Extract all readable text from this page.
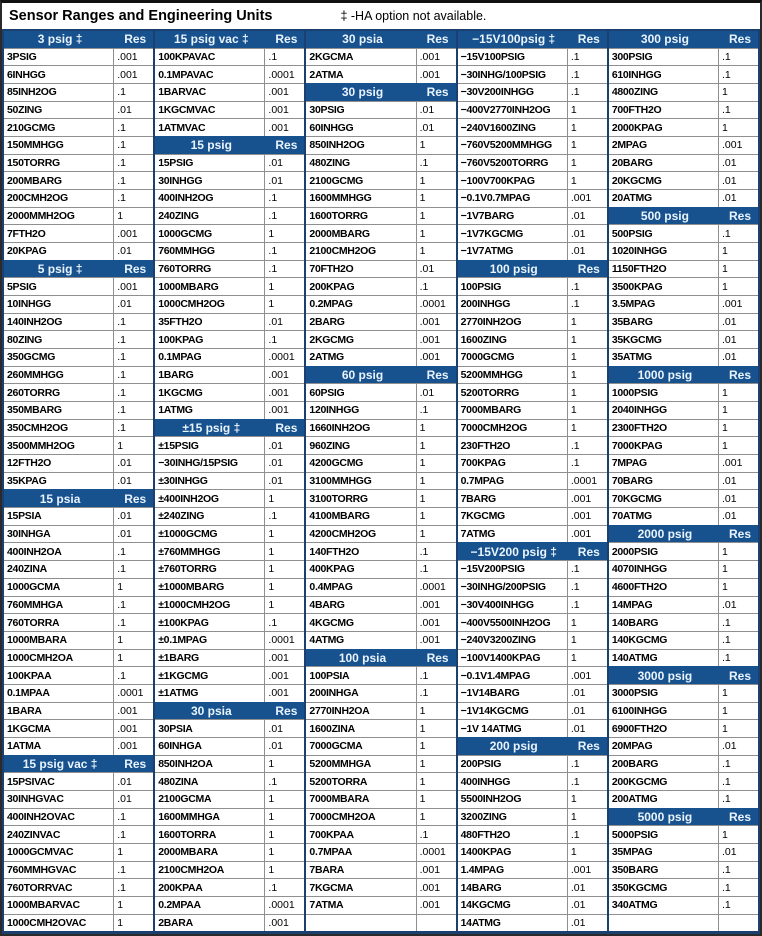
Sensor Ranges and Engineering Units	‡ -HA option not available.
3 psig ‡	Res
3PSIG	.001
6INHGG	.001
85INH2OG	.1
50ZING	.01
210GCMG	.1
150MMHGG	.1
150TORRG	.1
200MBARG	.1
200CMH2OG	.1
2000MMH2OG	1
7FTH2O	.001
20KPAG	.01
5 psig ‡	Res
5PSIG	.001
10INHGG	.01
140INH2OG	.1
80ZING	.1
350GCMG	.1
260MMHGG	.1
260TORRG	.1
350MBARG	.1
350CMH2OG	.1
3500MMH2OG	1
12FTH2O	.01
35KPAG	.01
15 psia	Res
15PSIA	.01
30INHGA	.01
400INH2OA	.1
240ZINA	.1
1000GCMA	1
760MMHGA	.1
760TORRA	.1
1000MBARA	1
1000CMH2OA	1
100KPAA	.1
0.1MPAA	.0001
1BARA	.001
1KGCMA	.001
1ATMA	.001
15 psig vac ‡	Res
15PSIVAC	.01
30INHGVAC	.01
400INH2OVAC	.1
240ZINVAC	.1
1000GCMVAC	1
760MMHGVAC	.1
760TORRVAC	.1
1000MBARVAC	1
1000CMH2OVAC	1
15 psig vac ‡	Res
100KPAVAC	.1
0.1MPAVAC	.0001
1BARVAC	.001
1KGCMVAC	.001
1ATMVAC	.001
15 psig	Res
15PSIG	.01
30INHGG	.01
400INH2OG	.1
240ZING	.1
1000GCMG	1
760MMHGG	.1
760TORRG	.1
1000MBARG	1
1000CMH2OG	1
35FTH2O	.01
100KPAG	.1
0.1MPAG	.0001
1BARG	.001
1KGCMG	.001
1ATMG	.001
±15 psig ‡	Res
±15PSIG	.01
−30INHG/15PSIG	.01
±30INHGG	.01
±400INH2OG	1
±240ZING	.1
±1000GCMG	1
±760MMHGG	1
±760TORRG	1
±1000MBARG	1
±1000CMH2OG	1
±100KPAG	.1
±0.1MPAG	.0001
±1BARG	.001
±1KGCMG	.001
±1ATMG	.001
30 psia	Res
30PSIA	.01
60INHGA	.01
850INH2OA	1
480ZINA	.1
2100GCMA	1
1600MMHGA	1
1600TORRA	1
2000MBARA	1
2100CMH2OA	1
200KPAA	.1
0.2MPAA	.0001
2BARA	.001
30 psia	Res
2KGCMA	.001
2ATMA	.001
30 psig	Res
30PSIG	.01
60INHGG	.01
850INH2OG	1
480ZING	.1
2100GCMG	1
1600MMHGG	1
1600TORRG	1
2000MBARG	1
2100CMH2OG	1
70FTH2O	.01
200KPAG	.1
0.2MPAG	.0001
2BARG	.001
2KGCMG	.001
2ATMG	.001
60 psig	Res
60PSIG	.01
120INHGG	.1
1660INH2OG	1
960ZING	1
4200GCMG	1
3100MMHGG	1
3100TORRG	1
4100MBARG	1
4200CMH2OG	1
140FTH2O	.1
400KPAG	.1
0.4MPAG	.0001
4BARG	.001
4KGCMG	.001
4ATMG	.001
100 psia	Res
100PSIA	.1
200INHGA	.1
2770INH2OA	1
1600ZINA	1
7000GCMA	1
5200MMHGA	1
5200TORRA	1
7000MBARA	1
7000CMH2OA	1
700KPAA	.1
0.7MPAA	.0001
7BARA	.001
7KGCMA	.001
7ATMA	.001
−15V100psig ‡	Res
−15V100PSIG	.1
−30INHG/100PSIG	.1
−30V200INHGG	.1
−400V2770INH2OG	1
−240V1600ZING	1
−760V5200MMHGG	1
−760V5200TORRG	1
−100V700KPAG	1
−0.1V0.7MPAG	.001
−1V7BARG	.01
−1V7KGCMG	.01
−1V7ATMG	.01
100 psig	Res
100PSIG	.1
200INHGG	.1
2770INH2OG	1
1600ZING	1
7000GCMG	1
5200MMHGG	1
5200TORRG	1
7000MBARG	1
7000CMH2OG	1
230FTH2O	.1
700KPAG	.1
0.7MPAG	.0001
7BARG	.001
7KGCMG	.001
7ATMG	.001
−15V200 psig ‡	Res
−15V200PSIG	.1
−30INHG/200PSIG	.1
−30V400INHGG	.1
−400V5500INH2OG	1
−240V3200ZING	1
−100V1400KPAG	1
−0.1V1.4MPAG	.001
−1V14BARG	.01
−1V14KGCMG	.01
−1V 14ATMG	.01
200 psig	Res
200PSIG	.1
400INHGG	.1
5500INH2OG	1
3200ZING	1
480FTH2O	.1
1400KPAG	1
1.4MPAG	.001
14BARG	.01
14KGCMG	.01
14ATMG	.01
300 psig	Res
300PSIG	.1
610INHGG	.1
4800ZING	1
700FTH2O	.1
2000KPAG	1
2MPAG	.001
20BARG	.01
20KGCMG	.01
20ATMG	.01
500 psig	Res
500PSIG	.1
1020INHGG	1
1150FTH2O	1
3500KPAG	1
3.5MPAG	.001
35BARG	.01
35KGCMG	.01
35ATMG	.01
1000 psig	Res
1000PSIG	1
2040INHGG	1
2300FTH2O	1
7000KPAG	1
7MPAG	.001
70BARG	.01
70KGCMG	.01
70ATMG	.01
2000 psig	Res
2000PSIG	1
4070INHGG	1
4600FTH2O	1
14MPAG	.01
140BARG	.1
140KGCMG	.1
140ATMG	.1
3000 psig	Res
3000PSIG	1
6100INHGG	1
6900FTH2O	1
20MPAG	.01
200BARG	.1
200KGCMG	.1
200ATMG	.1
5000 psig	Res
5000PSIG	1
35MPAG	.01
350BARG	.1
350KGCMG	.1
340ATMG	.1
